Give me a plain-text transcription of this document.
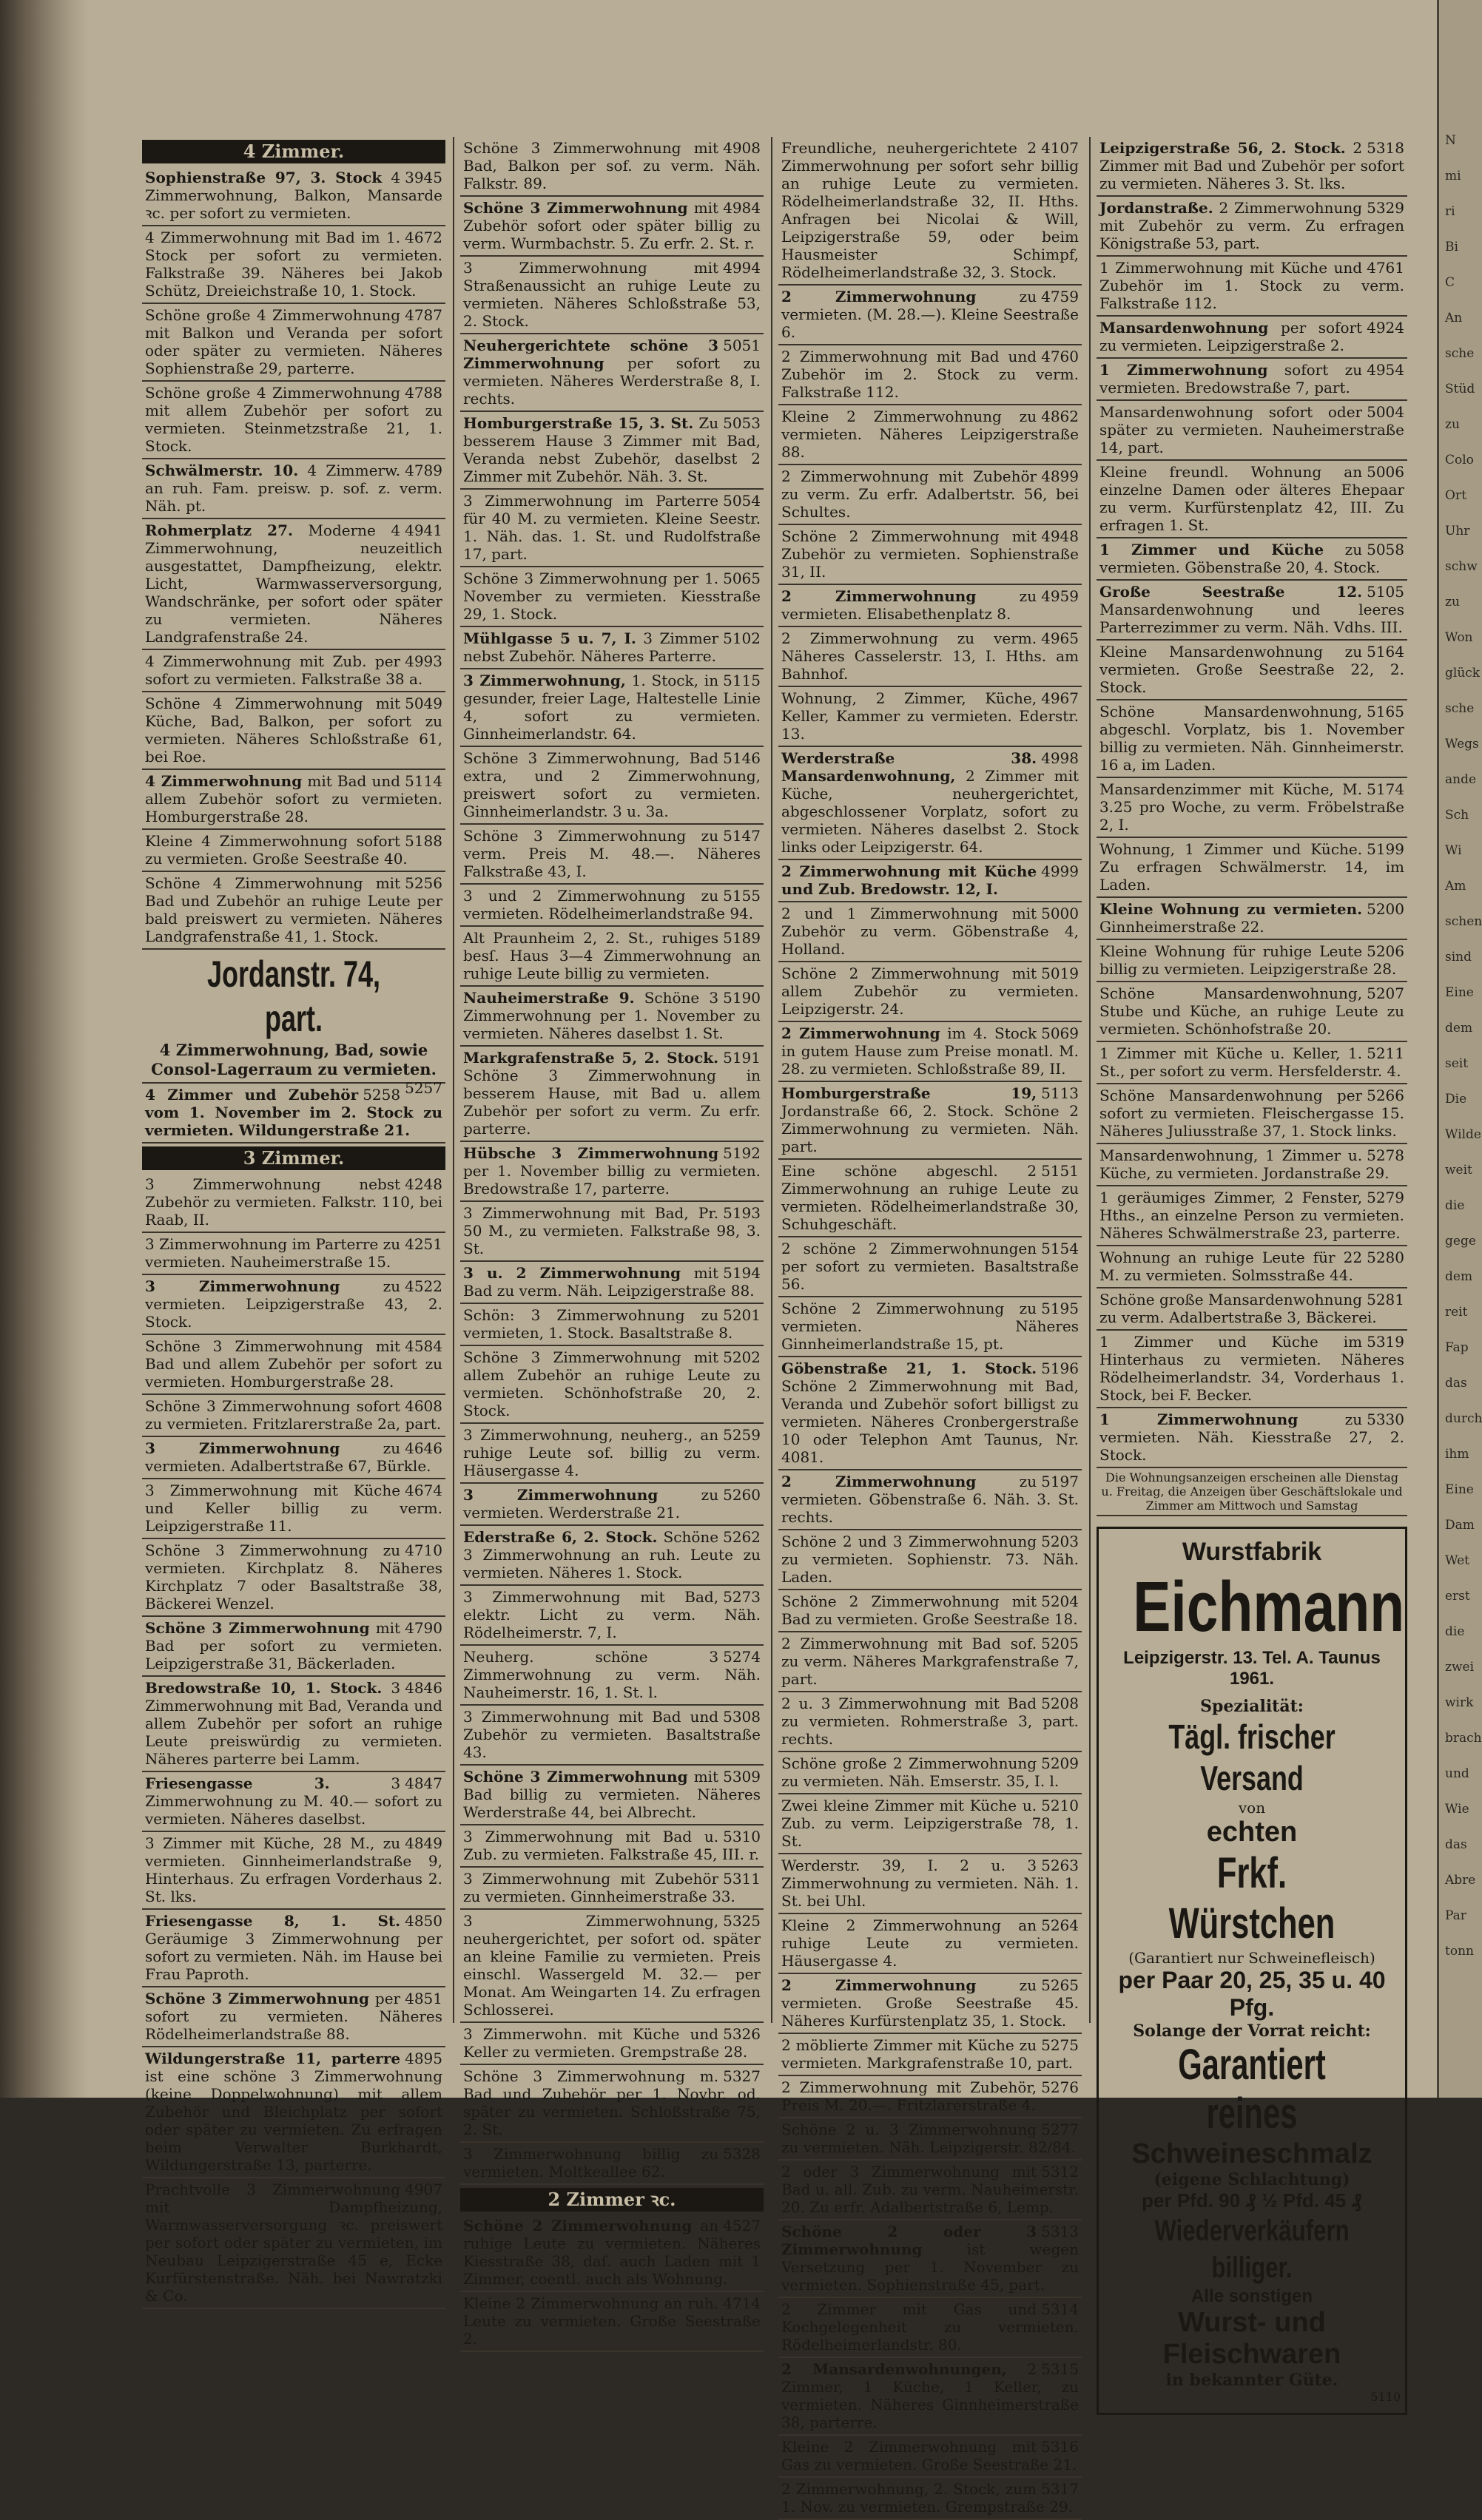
N
mi
ri
Bi
C
An
sche
Stüd
zu
Colo
Ort
Uhr
schw
zu
Won
glück
sche
Wegs
ande
Sch
Wi
Am
schen
sind
Eine
dem
seit
Die
Wilde
weit
die
gege
dem
reit
Fap
das
durch
ihm
Eine
Dam
Wet
erst
die
zwei
wirk
brach
und
Wie
das
Abre
Par
tonn
4 Zimmer.
3945
Sophienstraße 97, 3. Stock 4 Zimmerwohnung, Balkon, Mansarde ꝛc. per sofort zu vermieten.
4672
4 Zimmerwohnung mit Bad im 1. Stock per sofort zu vermieten. Falkstraße 39. Näheres bei Jakob Schütz, Dreieichstraße 10, 1. Stock.
4787
Schöne große 4 Zimmerwohnung mit Balkon und Veranda per sofort oder später zu vermieten. Näheres Sophienstraße 29, parterre.
4788
Schöne große 4 Zimmerwohnung mit allem Zubehör per sofort zu vermieten. Steinmetzstraße 21, 1. Stock.
4789
Schwälmerstr. 10. 4 Zimmerw. an ruh. Fam. preisw. p. sof. z. verm. Näh. pt.
4941
Rohmerplatz 27. Moderne 4 Zimmerwohnung, neuzeitlich ausgestattet, Dampfheizung, elektr. Licht, Warmwasserversorgung, Wandschränke, per sofort oder später zu vermieten. Näheres Landgrafenstraße 24.
4993
4 Zimmerwohnung mit Zub. per sofort zu vermieten. Falkstraße 38 a.
5049
Schöne 4 Zimmerwohnung mit Küche, Bad, Balkon, per sofort zu vermieten. Näheres Schloßstraße 61, bei Roe.
5114
4 Zimmerwohnung mit Bad und allem Zubehör sofort zu vermieten. Homburgerstraße 28.
5188
Kleine 4 Zimmerwohnung sofort zu vermieten. Große Seestraße 40.
5256
Schöne 4 Zimmerwohnung mit Bad und Zubehör an ruhige Leute per bald preiswert zu vermieten. Näheres Landgrafenstraße 41, 1. Stock.
Jordanstr. 74, part.
4 Zimmerwohnung, Bad, sowie Consol-Lagerraum zu vermieten.
5257
5258
4 Zimmer und Zubehör vom 1. November im 2. Stock zu vermieten. Wildungerstraße 21.
3 Zimmer.
4248
3 Zimmerwohnung nebst Zubehör zu vermieten. Falkstr. 110, bei Raab, II.
4251
3 Zimmerwohnung im Parterre zu vermieten. Nauheimerstraße 15.
4522
3 Zimmerwohnung	zu vermieten. Leipzigerstraße 43, 2. Stock.
4584
Schöne 3 Zimmerwohnung mit Bad und allem Zubehör per sofort zu vermieten. Homburgerstraße 28.
4608
Schöne 3 Zimmerwohnung sofort zu vermieten. Fritzlarerstraße 2a, part.
4646
3 Zimmerwohnung	zu vermieten. Adalbertstraße 67, Bürkle.
4674
3 Zimmerwohnung mit Küche und Keller billig zu verm. Leipzigerstraße 11.
4710
Schöne 3 Zimmerwohnung zu vermieten. Kirchplatz 8. Näheres Kirchplatz 7 oder Basaltstraße 38, Bäckerei Wenzel.
4790
Schöne 3 Zimmerwohnung mit Bad per sofort zu vermieten. Leipzigerstraße 31, Bäckerladen.
4846
Bredowstraße 10, 1. Stock. 3 Zimmerwohnung mit Bad, Veranda und allem Zubehör per sofort an ruhige Leute preiswürdig zu vermieten. Näheres parterre bei Lamm.
4847
Friesengasse 3.	3 Zimmerwohnung zu M. 40.— sofort zu vermieten. Näheres daselbst.
4849
3 Zimmer mit Küche, 28 M., zu vermieten. Ginnheimerlandstraße 9, Hinterhaus. Zu erfragen Vorderhaus 2. St. lks.
4850
Friesengasse 8, 1. St. Geräumige 3 Zimmerwohnung per sofort zu vermieten. Näh. im Hause bei Frau Paproth.
4851
Schöne 3 Zimmerwohnung per sofort zu vermieten. Näheres Rödelheimerlandstraße 88.
4895
Wildungerstraße 11, parterre ist eine schöne 3 Zimmerwohnung (keine Doppelwohnung) mit allem Zubehör und Bleichplatz per sofort oder später zu vermieten. Zu erfragen beim Verwalter Burkhardt, Wildungerstraße 13, parterre.
4907
Prachtvolle 3 Zimmerwohnung mit Dampfheizung, Warmwasserversorgung ꝛc. preiswert per sofort oder später zu vermieten, im Neubau Leipzigerstraße 45 e, Ecke Kurfürstenstraße. Näh. bei Nawratzki & Co.
4908
Schöne 3 Zimmerwohnung mit Bad, Balkon per sof. zu verm. Näh. Falkstr. 89.
4984
Schöne 3 Zimmerwohnung mit Zubehör sofort oder später billig zu verm. Wurmbachstr. 5. Zu erfr. 2. St. r.
4994
3 Zimmerwohnung mit Straßenaussicht an ruhige Leute zu vermieten. Näheres Schloßstraße 53, 2. Stock.
5051
Neuhergerichtete schöne 3 Zimmerwohnung per sofort zu vermieten. Näheres Werderstraße 8, I. rechts.
5053
Homburgerstraße 15, 3. St. Zu besserem Hause 3 Zimmer mit Bad, Veranda nebst Zubehör, daselbst 2 Zimmer mit Zubehör. Näh. 3. St.
5054
3 Zimmerwohnung im Parterre für 40 M. zu vermieten. Kleine Seestr. 1. Näh. das. 1. St. und Rudolfstraße 17, part.
5065
Schöne 3 Zimmerwohnung per 1. November zu vermieten. Kiesstraße 29, 1. Stock.
5102
Mühlgasse 5 u. 7, I. 3 Zimmer nebst Zubehör. Näheres Parterre.
5115
3 Zimmerwohnung, 1. Stock, in gesunder, freier Lage, Haltestelle Linie 4, sofort zu vermieten. Ginnheimerlandstr. 64.
5146
Schöne 3 Zimmerwohnung, Bad extra, und 2 Zimmerwohnung, preiswert sofort zu vermieten. Ginnheimerlandstr. 3 u. 3a.
5147
Schöne 3 Zimmerwohnung zu verm. Preis M. 48.—. Näheres Falkstraße 43, I.
5155
3 und 2 Zimmerwohnung zu vermieten. Rödelheimerlandstraße 94.
5189
Alt Praunheim 2, 2. St., ruhiges besſ. Haus 3—4 Zimmerwohnung an ruhige Leute billig zu vermieten.
5190
Nauheimerstraße 9. Schöne 3 Zimmerwohnung per 1. November zu vermieten. Näheres daselbst 1. St.
5191
Markgrafenstraße 5, 2. Stock. Schöne 3 Zimmerwohnung in besserem Hause, mit Bad u. allem Zubehör per sofort zu verm. Zu erfr. parterre.
5192
Hübsche 3 Zimmerwohnung per 1. November billig zu vermieten. Bredowstraße 17, parterre.
5193
3 Zimmerwohnung mit Bad, Pr. 50 M., zu vermieten. Falkstraße 98, 3. St.
5194
3 u. 2 Zimmerwohnung mit Bad zu verm. Näh. Leipzigerstraße 88.
5201
Schön: 3 Zimmerwohnung zu vermieten, 1. Stock. Basaltstraße 8.
5202
Schöne 3 Zimmerwohnung mit allem Zubehör an ruhige Leute zu vermieten. Schönhofstraße 20, 2. Stock.
5259
3 Zimmerwohnung, neuherg., an ruhige Leute sof. billig zu verm. Häusergasse 4.
5260
3 Zimmerwohnung	zu vermieten. Werderstraße 21.
5262
Ederstraße 6, 2. Stock. Schöne 3 Zimmerwohnung an ruh. Leute zu vermieten. Näheres 1. Stock.
5273
3 Zimmerwohnung mit Bad, elektr. Licht zu verm. Näh. Rödelheimerstr. 7, I.
5274
Neuherg. schöne 3 Zimmerwohnung zu verm. Näh. Nauheimerstr. 16, 1. St. l.
5308
3 Zimmerwohnung mit Bad und Zubehör zu vermieten. Basaltstraße 43.
5309
Schöne 3 Zimmerwohnung mit Bad billig zu vermieten. Näheres Werderstraße 44, bei Albrecht.
5310
3 Zimmerwohnung mit Bad u. Zub. zu vermieten. Falkstraße 45, III. r.
5311
3 Zimmerwohnung mit Zubehör zu vermieten. Ginnheimerstraße 33.
5325
3 Zimmerwohnung, neuhergerichtet, per sofort od. später an kleine Familie zu vermieten. Preis einschl. Wassergeld M. 32.— per Monat. Am Weingarten 14. Zu erfragen Schlosserei.
5326
3 Zimmerwohn. mit Küche und Keller zu vermieten. Grempstraße 28.
5327
Schöne 3 Zimmerwohnung m. Bad und Zubehör per 1. Novbr. od. später zu vermieten. Schloßstraße 75, 2. St.
5328
3 Zimmerwohnung billig zu vermieten. Moltkeallee 62.
2 Zimmer ꝛc.
4527
Schöne 2 Zimmerwohnung an ruhige Leute zu vermieten. Näheres Kiesstraße 38, daſ. auch Laden mit 1 Zimmer, coentl. auch als Wohnung.
4714
Kleine 2 Zimmerwohnung an ruh. Leute zu vermieten. Große Seestraße 2.
4107
Freundliche, neuhergerichtete 2 Zimmerwohnung per sofort sehr billig an ruhige Leute zu vermieten. Rödelheimerlandstraße 32, II. Hths. Anfragen bei Nicolai & Will, Leipzigerstraße 59, oder beim Hausmeister Schimpf, Rödelheimerlandstraße 32, 3. Stock.
4759
2 Zimmerwohnung	zu vermieten. (M. 28.—). Kleine Seestraße 6.
4760
2 Zimmerwohnung mit Bad und Zubehör im 2. Stock zu verm. Falkstraße 112.
4862
Kleine 2 Zimmerwohnung zu vermieten. Näheres Leipzigerstraße 88.
4899
2 Zimmerwohnung mit Zubehör zu verm. Zu erfr. Adalbertstr. 56, bei Schultes.
4948
Schöne 2 Zimmerwohnung mit Zubehör zu vermieten. Sophienstraße 31, II.
4959
2 Zimmerwohnung	zu vermieten. Elisabethenplatz 8.
4965
2 Zimmerwohnung zu verm. Näheres Casselerstr. 13, I. Hths. am Bahnhof.
4967
Wohnung, 2 Zimmer, Küche, Keller, Kammer zu vermieten. Ederstr. 13.
4998
Werderstraße 38. Mansardenwohnung, 2 Zimmer mit Küche, neuhergerichtet, abgeschlossener Vorplatz, sofort zu vermieten. Näheres daselbst 2. Stock links oder Leipzigerstr. 64.
4999
2 Zimmerwohnung mit Küche und Zub. Bredowstr. 12, I.
5000
2 und 1 Zimmerwohnung mit Zubehör zu verm. Göbenstraße 4, Holland.
5019
Schöne 2 Zimmerwohnung mit allem Zubehör zu vermieten. Leipzigerstr. 24.
5069
2 Zimmerwohnung im 4. Stock in gutem Hause zum Preise monatl. M. 28. zu vermieten. Schloßstraße 89, II.
5113
Homburgerstraße 19, Jordanstraße 66, 2. Stock. Schöne 2 Zimmerwohnung zu vermieten. Näh. part.
5151
Eine schöne abgeschl. 2 Zimmerwohnung an ruhige Leute zu vermieten. Rödelheimerlandstraße 30, Schuhgeschäft.
5154
2 schöne 2 Zimmerwohnungen per sofort zu vermieten. Basaltstraße 56.
5195
Schöne 2 Zimmerwohnung zu vermieten. Näheres Ginnheimerlandstraße 15, pt.
5196
Göbenstraße 21, 1. Stock. Schöne 2 Zimmerwohnung mit Bad, Veranda und Zubehör sofort billigst zu vermieten. Näheres Cronbergerstraße 10 oder Telephon Amt Taunus, Nr. 4081.
5197
2 Zimmerwohnung	zu vermieten. Göbenstraße 6. Näh. 3. St. rechts.
5203
Schöne 2 und 3 Zimmerwohnung zu vermieten. Sophienstr. 73. Näh. Laden.
5204
Schöne 2 Zimmerwohnung mit Bad zu vermieten. Große Seestraße 18.
5205
2 Zimmerwohnung mit Bad sof. zu verm. Näheres Markgrafenstraße 7, part.
5208
2 u. 3 Zimmerwohnung mit Bad zu vermieten. Rohmerstraße 3, part. rechts.
5209
Schöne große 2 Zimmerwohnung zu vermieten. Näh. Emserstr. 35, I. l.
5210
Zwei kleine Zimmer mit Küche u. Zub. zu verm. Leipzigerstraße 78, 1. St.
5263
Werderstr. 39, I. 2 u. 3 Zimmerwohnung zu vermieten. Näh. 1. St. bei Uhl.
5264
Kleine 2 Zimmerwohnung an ruhige Leute zu vermieten. Häusergasse 4.
5265
2 Zimmerwohnung	zu vermieten. Große Seestraße 45. Näheres Kurfürstenplatz 35, 1. Stock.
5275
2 möblierte Zimmer mit Küche zu vermieten. Markgrafenstraße 10, part.
5276
2 Zimmerwohnung mit Zubehör, Preis M. 20.—. Fritzlarerstraße 4.
5277
Schöne 2 u. 3 Zimmerwohnung zu vermieten. Näh. Leipzigerstr. 82/84.
5312
2 oder 3 Zimmerwohnung mit Bad u. all. Zub. zu verm. Nauheimerstr. 20. Zu erfr. Adalbertstraße 6, Lemp.
5313
Schöne 2 oder 3 Zimmerwohnung	ist wegen Versetzung per 1. November zu vermieten. Sophienstraße 45, part.
5314
2 Zimmer mit Gas und Kochgelegenheit zu vermieten. Rödelheimerlandstr. 80.
5315
2 Mansardenwohnungen, 2 Zimmer, 1 Küche, 1 Keller, zu vermieten. Näheres Ginnheimerstraße 38, parterre.
5316
Kleine 2 Zimmerwohnung mit Gas zu vermieten. Große Seestraße 21.
5317
2 Zimmerwohnung, 2. Stock, zum 1. Nov. zu vermieten. Grempstraße 29.
5318
Leipzigerstraße 56, 2. Stock. 2 Zimmer mit Bad und Zubehör per sofort zu vermieten. Näheres 3. St. lks.
5329
Jordanstraße. 2 Zimmerwohnung mit Zubehör zu verm. Zu erfragen Königstraße 53, part.
4761
1 Zimmerwohnung mit Küche und Zubehör im 1. Stock zu verm. Falkstraße 112.
4924
Mansardenwohnung per sofort zu vermieten. Leipzigerstraße 2.
4954
1 Zimmerwohnung sofort zu vermieten. Bredowstraße 7, part.
5004
Mansardenwohnung sofort oder später zu vermieten. Nauheimerstraße 14, part.
5006
Kleine freundl. Wohnung an einzelne Damen oder älteres Ehepaar zu verm. Kurfürstenplatz 42, III. Zu erfragen 1. St.
5058
1 Zimmer und Küche zu vermieten. Göbenstraße 20, 4. Stock.
5105
Große Seestraße 12. Mansardenwohnung und leeres Parterrezimmer zu verm. Näh. Vdhs. III.
5164
Kleine Mansardenwohnung zu vermieten. Große Seestraße 22, 2. Stock.
5165
Schöne Mansardenwohnung, abgeschl. Vorplatz, bis 1. November billig zu vermieten. Näh. Ginnheimerstr. 16 a, im Laden.
5174
Mansardenzimmer mit Küche, M. 3.25 pro Woche, zu verm. Fröbelstraße 2, I.
5199
Wohnung, 1 Zimmer und Küche. Zu erfragen Schwälmerstr. 14, im Laden.
5200
Kleine Wohnung zu vermieten. Ginnheimerstraße 22.
5206
Kleine Wohnung für ruhige Leute billig zu vermieten. Leipzigerstraße 28.
5207
Schöne Mansardenwohnung, Stube und Küche, an ruhige Leute zu vermieten. Schönhofstraße 20.
5211
1 Zimmer mit Küche u. Keller, 1. St., per sofort zu verm. Hersfelderstr. 4.
5266
Schöne Mansardenwohnung per sofort zu vermieten. Fleischergasse 15. Näheres Juliusstraße 37, 1. Stock links.
5278
Mansardenwohnung, 1 Zimmer u. Küche, zu vermieten. Jordanstraße 29.
5279
1 geräumiges Zimmer, 2 Fenster, Hths., an einzelne Person zu vermieten. Näheres Schwälmerstraße 23, parterre.
5280
Wohnung an ruhige Leute für 22 M. zu vermieten. Solmsstraße 44.
5281
Schöne große Mansardenwohnung zu verm. Adalbertstraße 3, Bäckerei.
5319
1 Zimmer und Küche im Hinterhaus zu vermieten. Näheres Rödelheimerlandstr. 34, Vorderhaus 1. Stock, bei F. Becker.
5330
1 Zimmerwohnung	zu vermieten. Näh. Kiesstraße 27, 2. Stock.
Die Wohnungsanzeigen erscheinen alle Dienstag u. Freitag, die Anzeigen über Geschäftslokale und Zimmer am Mittwoch und Samstag
Wurstfabrik
Eichmann
Leipzigerstr. 13. Tel. A. Taunus 1961.
Spezialität:
Tägl. frischer Versand
von
echten
Frkf. Würstchen
(Garantiert nur Schweinefleisch)
per Paar 20, 25, 35 u. 40 Pfg.
Solange der Vorrat reicht:
Garantiert reines
Schweineschmalz
(eigene Schlachtung)
per Pfd. 90 ₰ ½ Pfd. 45 ₰
Wiederverkäufern billiger.
Alle sonstigen
Wurst- und Fleischwaren
in bekannter Güte.
5110
